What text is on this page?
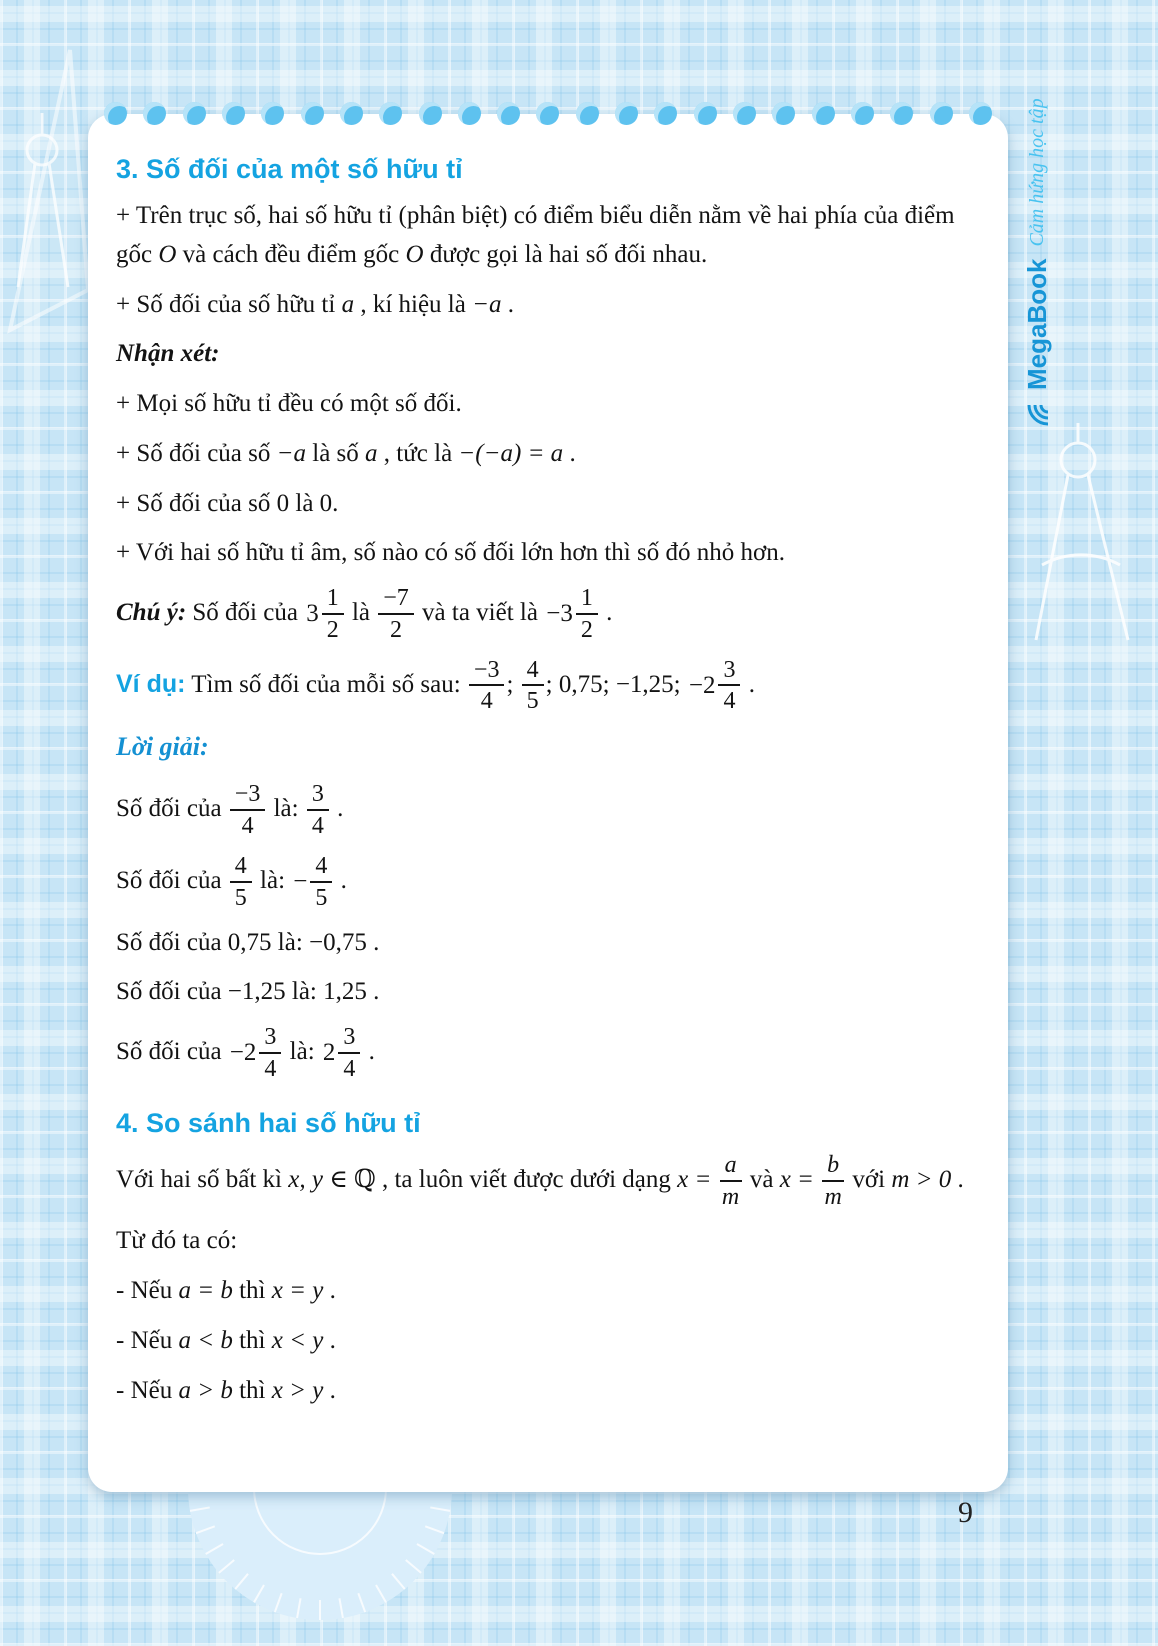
3. Số đối của một số hữu tỉ

+ Trên trục số, hai số hữu tỉ (phân biệt) có điểm biểu diễn nằm về hai phía của điểm gốc O và cách đều điểm gốc O được gọi là hai số đối nhau.

+ Số đối của số hữu tỉ a , kí hiệu là −a .

Nhận xét:

+ Mọi số hữu tỉ đều có một số đối.

+ Số đối của số −a là số a , tức là −(−a) = a .

+ Số đối của số 0 là 0.

+ Với hai số hữu tỉ âm, số nào có số đối lớn hơn thì số đó nhỏ hơn.

Chú ý: Số đối của $3 \frac{1}{2}$ là $\frac{-7}{2}$ và ta viết là $-3 \frac{1}{2}$ .

Ví dụ: Tìm số đối của mỗi số sau: $\frac{-3}{4}$ ; $\frac{4}{5}$ ; 0,75; −1,25; $-2 \frac{3}{4}$ .

Lời giải:

Số đối của $\frac{-3}{4}$ là: $\frac{3}{4}$ .

Số đối của $\frac{4}{5}$ là: − $\frac{4}{5}$ .

Số đối của 0,75 là: −0,75 .

Số đối của −1,25 là: 1,25 .

Số đối của $-2 \frac{3}{4}$ là: $2 \frac{3}{4}$ .

4. So sánh hai số hữu tỉ

Với hai số bất kì x, y ∈ ℚ , ta luôn viết được dưới dạng $x = \frac{a}{m}$ và $x = \frac{b}{m}$ với m > 0 .

Từ đó ta có:

- Nếu a = b thì x = y .

- Nếu a < b thì x < y .

- Nếu a > b thì x > y .

MegaBook
Cảm hứng học tập
9
